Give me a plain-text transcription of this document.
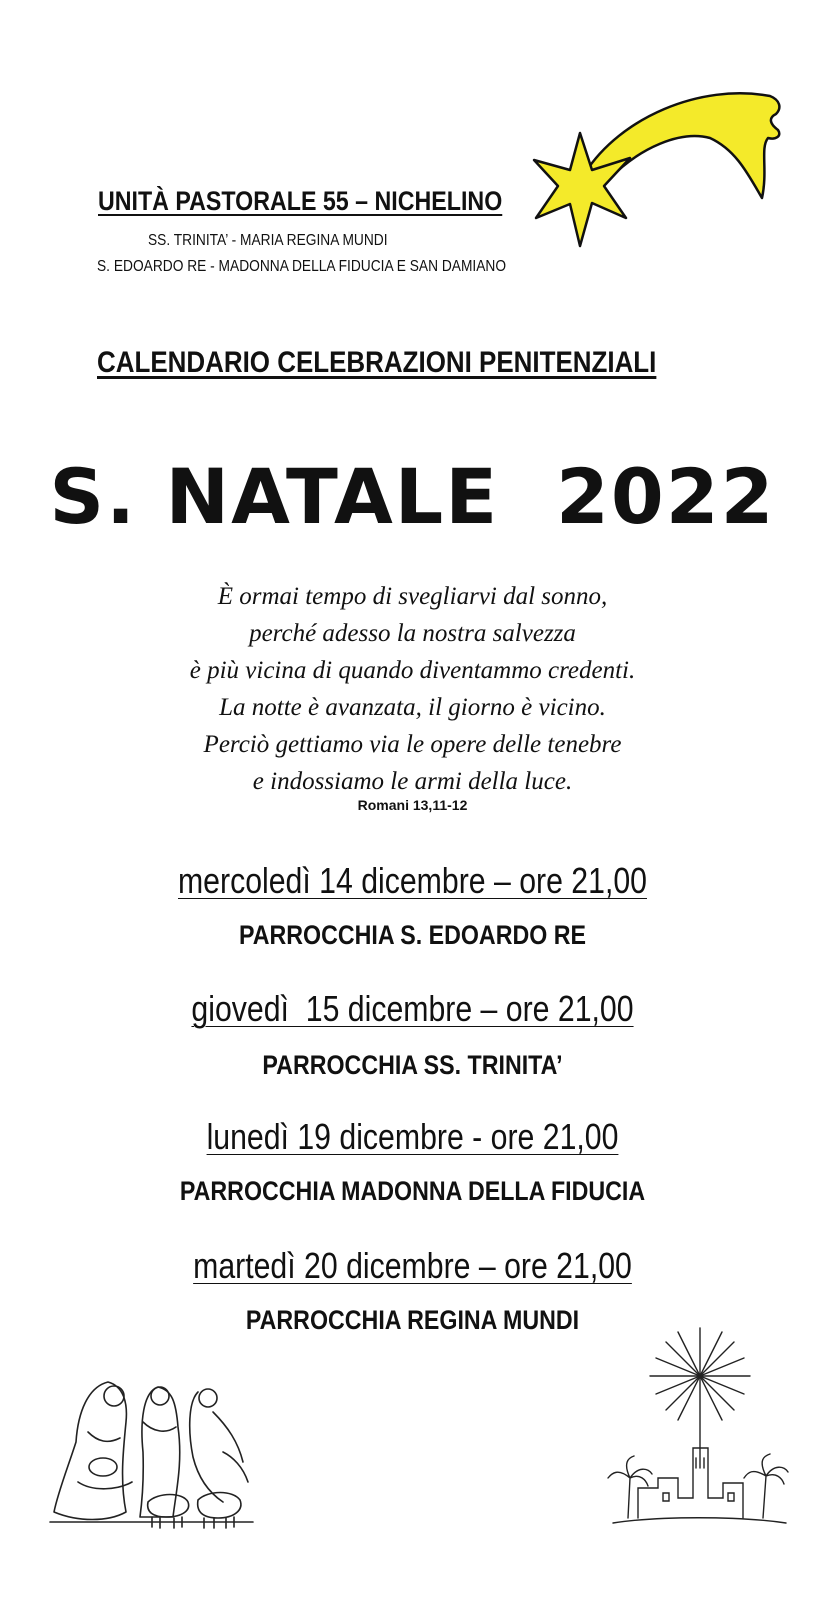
UNITÀ PASTORALE 55 – NICHELINO
SS. TRINITA’ - MARIA REGINA MUNDI
S. EDOARDO RE - MADONNA DELLA FIDUCIA E SAN DAMIANO
CALENDARIO CELEBRAZIONI PENITENZIALI
S. NATALE  2022
È ormai tempo di svegliarvi dal sonno,
perché adesso la nostra salvezza
è più vicina di quando diventammo credenti.
La notte è avanzata, il giorno è vicino.
Perciò gettiamo via le opere delle tenebre
e indossiamo le armi della luce.
Romani 13,11-12
mercoledì 14 dicembre – ore 21,00
PARROCCHIA S. EDOARDO RE
giovedì  15 dicembre – ore 21,00
PARROCCHIA SS. TRINITA’
lunedì 19 dicembre - ore 21,00
PARROCCHIA MADONNA DELLA FIDUCIA
martedì 20 dicembre – ore 21,00
PARROCCHIA REGINA MUNDI
